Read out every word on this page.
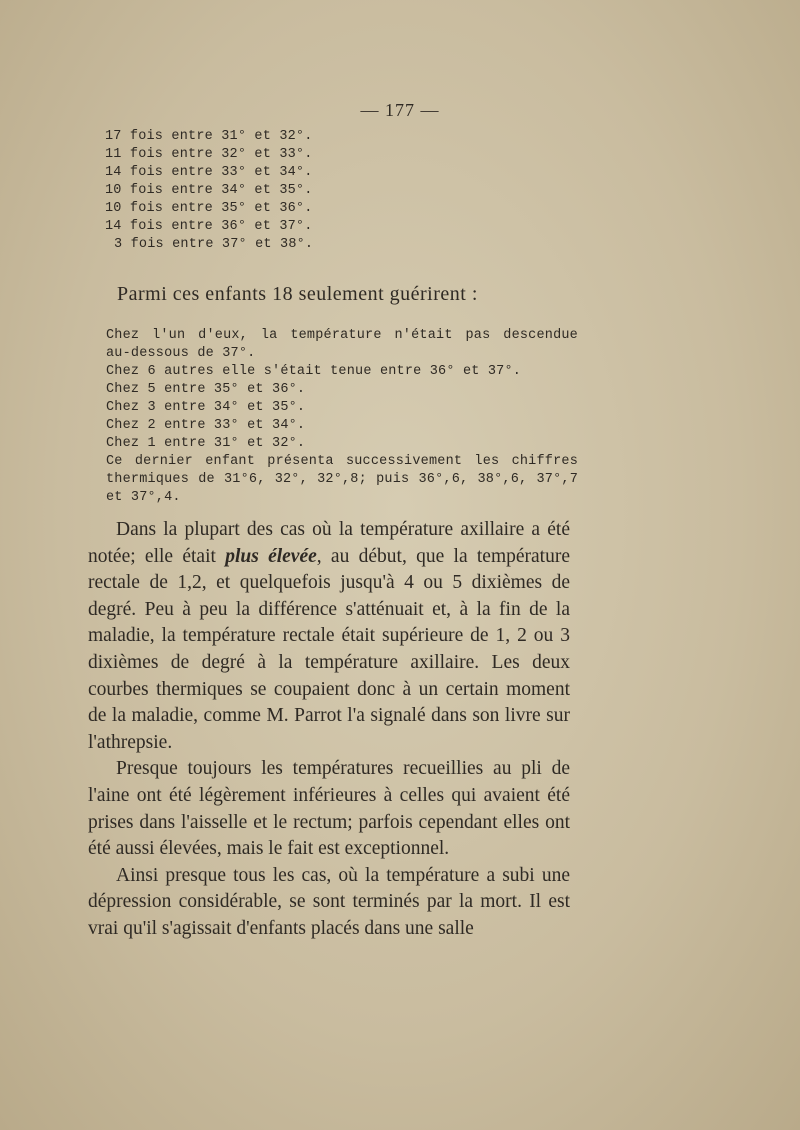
— 177 —
17 fois entre 31° et 32°.
11 fois entre 32° et 33°.
14 fois entre 33° et 34°.
10 fois entre 34° et 35°.
10 fois entre 35° et 36°.
14 fois entre 36° et 37°.
3 fois entre 37° et 38°.
Parmi ces enfants 18 seulement guérirent :
Chez l'un d'eux, la température n'était pas descendue au-dessous de 37°.
Chez 6 autres elle s'était tenue entre 36° et 37°.
Chez 5 entre 35° et 36°.
Chez 3 entre 34° et 35°.
Chez 2 entre 33° et 34°.
Chez 1 entre 31° et 32°.
Ce dernier enfant présenta successivement les chiffres thermiques de 31°6, 32°, 32°,8; puis 36°,6, 38°,6, 37°,7 et 37°,4.

Dans la plupart des cas où la température axillaire a été notée; elle était plus élevée, au début, que la température rectale de 1,2, et quelquefois jusqu'à 4 ou 5 dixièmes de degré. Peu à peu la différence s'atténuait et, à la fin de la maladie, la température rectale était supérieure de 1, 2 ou 3 dixièmes de degré à la température axillaire. Les deux courbes thermiques se coupaient donc à un certain moment de la maladie, comme M. Parrot l'a signalé dans son livre sur l'athrepsie.

Presque toujours les températures recueillies au pli de l'aine ont été légèrement inférieures à celles qui avaient été prises dans l'aisselle et le rectum; parfois cependant elles ont été aussi élevées, mais le fait est exceptionnel.

Ainsi presque tous les cas, où la température a subi une dépression considérable, se sont terminés par la mort. Il est vrai qu'il s'agissait d'enfants placés dans une salle
